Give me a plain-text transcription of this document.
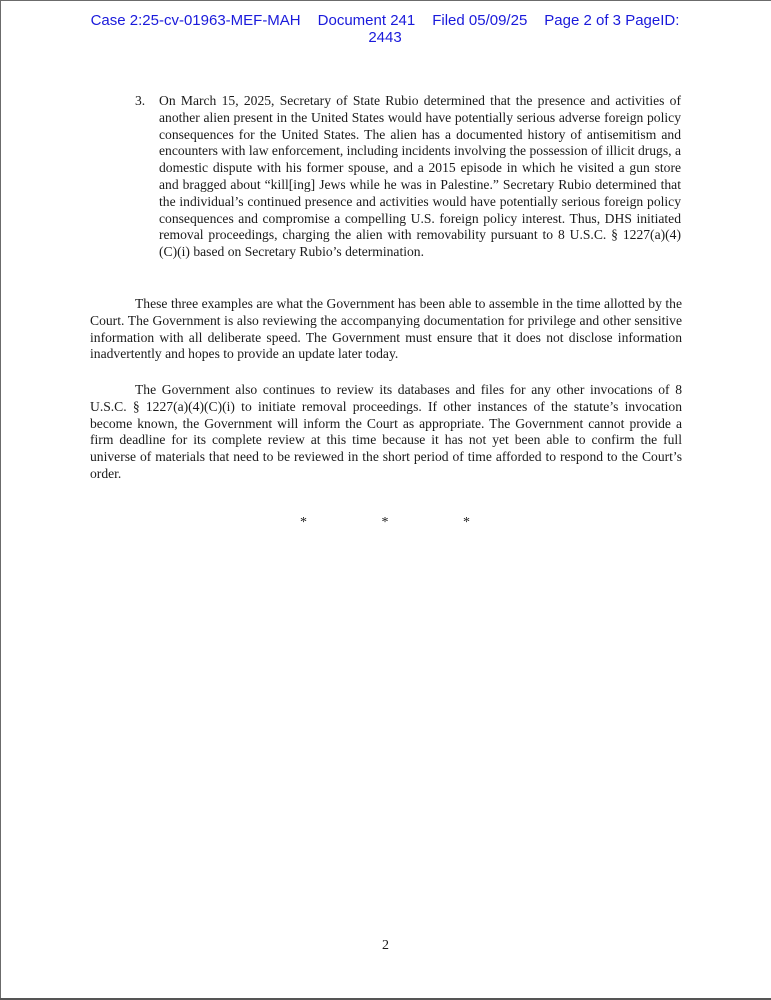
Case 2:25-cv-01963-MEF-MAH Document 241 Filed 05/09/25 Page 2 of 3 PageID:
2443
3. On March 15, 2025, Secretary of State Rubio determined that the presence and activities of another alien present in the United States would have potentially serious adverse foreign policy consequences for the United States. The alien has a documented history of antisemitism and encounters with law enforcement, including incidents involving the possession of illicit drugs, a domestic dispute with his former spouse, and a 2015 episode in which he visited a gun store and bragged about “kill[ing] Jews while he was in Palestine.” Secretary Rubio determined that the individual’s continued presence and activities would have potentially serious foreign policy consequences and compromise a compelling U.S. foreign policy interest. Thus, DHS initiated removal proceedings, charging the alien with removability pursuant to 8 U.S.C. § 1227(a)(4)(C)(i) based on Secretary Rubio’s determination.
These three examples are what the Government has been able to assemble in the time allotted by the Court. The Government is also reviewing the accompanying documentation for privilege and other sensitive information with all deliberate speed. The Government must ensure that it does not disclose information inadvertently and hopes to provide an update later today.
The Government also continues to review its databases and files for any other invocations of 8 U.S.C. § 1227(a)(4)(C)(i) to initiate removal proceedings. If other instances of the statute’s invocation become known, the Government will inform the Court as appropriate. The Government cannot provide a firm deadline for its complete review at this time because it has not yet been able to confirm the full universe of materials that need to be reviewed in the short period of time afforded to respond to the Court’s order.
*	*	*
2
